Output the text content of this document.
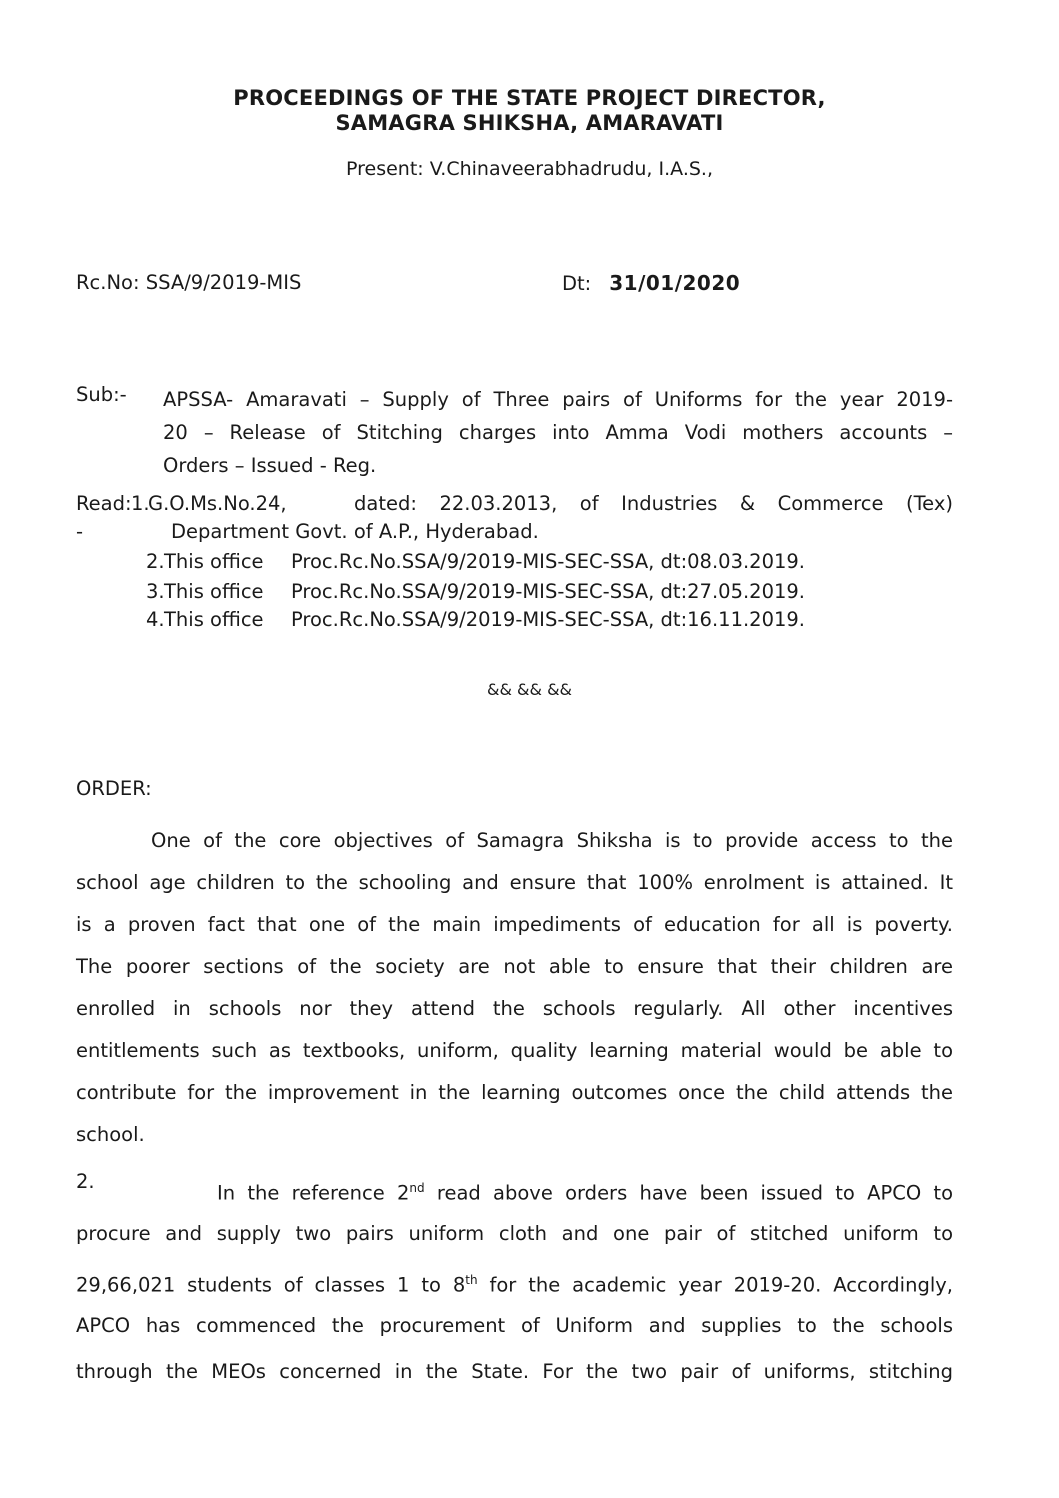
PROCEEDINGS OF THE STATE PROJECT DIRECTOR,
SAMAGRA SHIKSHA, AMARAVATI
Present: V.Chinaveerabhadrudu, I.A.S.,
Rc.No: SSA/9/2019-MIS	Dt: 31/01/2020
Sub:- APSSA- Amaravati – Supply of Three pairs of Uniforms for the year 2019-
20 – Release of Stitching charges into Amma Vodi mothers accounts –
Orders – Issued - Reg.
Read:
-
1.
G.O.Ms.No.24,	dated: 22.03.2013, of Industries & Commerce (Tex)
Department Govt. of A.P., Hyderabad.
2. This office Proc.Rc.No.SSA/9/2019-MIS-SEC-SSA, dt:08.03.2019.
3. This office Proc.Rc.No.SSA/9/2019-MIS-SEC-SSA, dt:27.05.2019.
4. This office Proc.Rc.No.SSA/9/2019-MIS-SEC-SSA, dt:16.11.2019.
&& && &&
ORDER:
One of the core objectives of Samagra Shiksha is to provide access to the
school age children to the schooling and ensure that 100% enrolment is attained. It
is a proven fact that one of the main impediments of education for all is poverty.
The poorer sections of the society are not able to ensure that their children are
enrolled in schools nor they attend the schools regularly. All other incentives
entitlements such as textbooks, uniform, quality learning material would be able to
contribute for the improvement in the learning outcomes once the child attends the
school.
2.	In the reference 2nd read above orders have been issued to APCO to
procure and supply two pairs uniform cloth and one pair of stitched uniform to
29,66,021 students of classes 1 to 8th for the academic year 2019-20. Accordingly,
APCO has commenced the procurement of Uniform and supplies to the schools
through the MEOs concerned in the State. For the two pair of uniforms, stitching
